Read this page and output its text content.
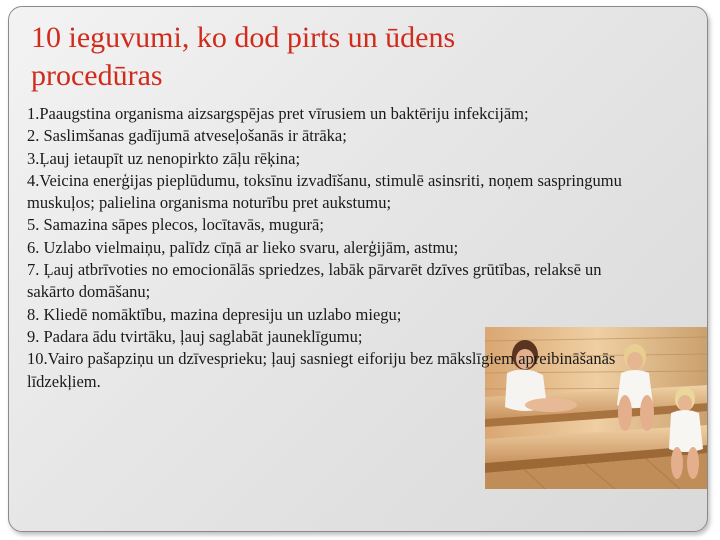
10 ieguvumi, ko dod pirts un ūdens
procedūras
1.Paaugstina organisma aizsargspējas pret vīrusiem un baktēriju infekcijām;
2. Saslimšanas gadījumā atveseļošanās ir ātrāka;
3.Ļauj ietaupīt uz nenopirkto zāļu rēķina;
4.Veicina enerģijas pieplūdumu, toksīnu izvadīšanu, stimulē asinsriti, noņem saspringumu muskuļos; palielina organisma noturību pret aukstumu;
5. Samazina sāpes plecos, locītavās, mugurā;
6. Uzlabo vielmaiņu, palīdz cīņā ar lieko svaru, alerģijām, astmu;
7. Ļauj atbrīvoties no emocionālās spriedzes, labāk pārvarēt dzīves grūtības, relaksē un sakārto domāšanu;
8. Kliedē nomāktību, mazina depresiju un uzlabo miegu;
9. Padara ādu tvirtāku, ļauj saglabāt jauneklīgumu;
10.Vairo pašapziņu un dzīvesprieku; ļauj sasniegt eiforiju bez mākslīgiem apreibināšanās līdzekļiem.
